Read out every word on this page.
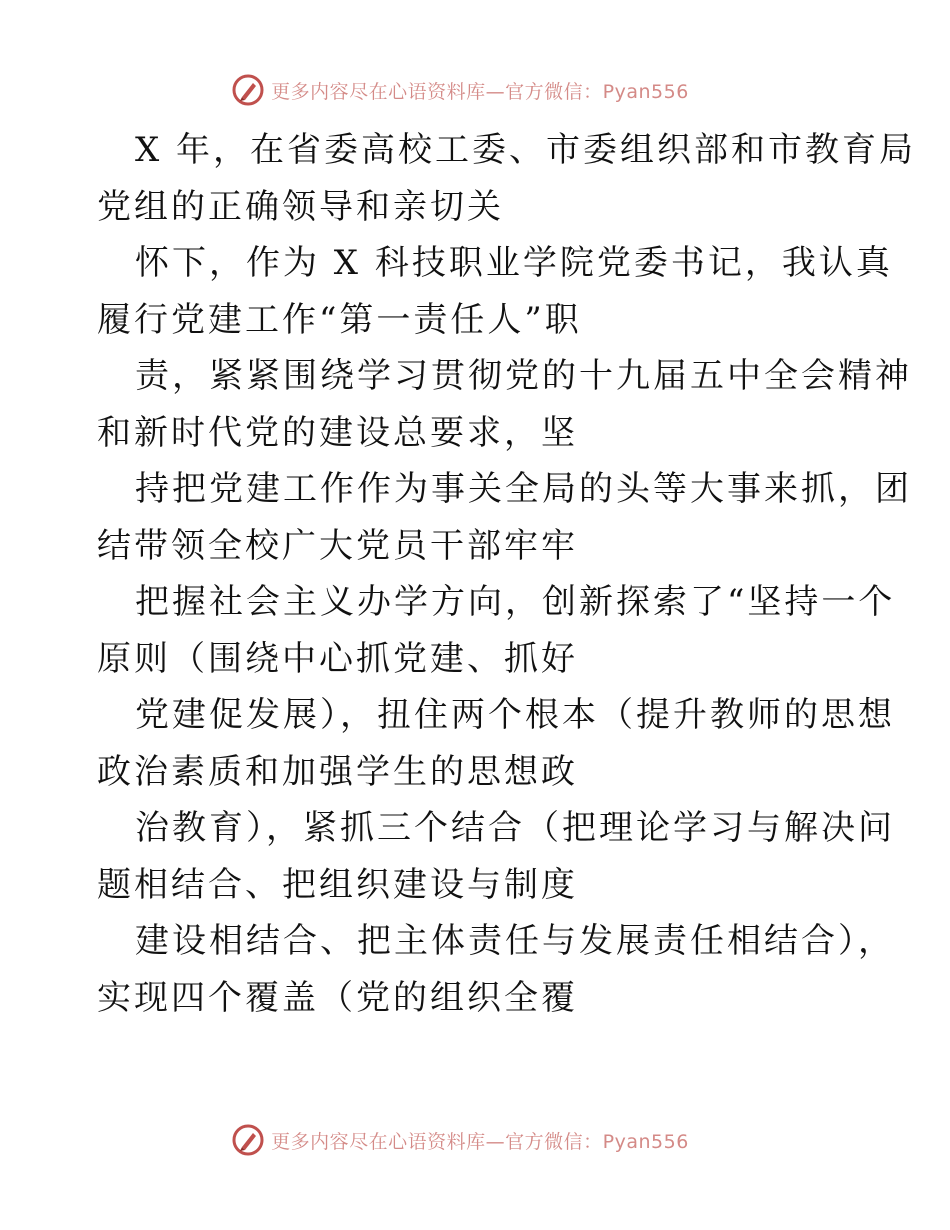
更多内容尽在心语资料库—官方微信：Pyan556
X 年，在省委高校工委、市委组织部和市教育局
党组的正确领导和亲切关
怀下，作为 X 科技职业学院党委书记，我认真
履行党建工作“第一责任人”职
责，紧紧围绕学习贯彻党的十九届五中全会精神
和新时代党的建设总要求，坚
持把党建工作作为事关全局的头等大事来抓，团
结带领全校广大党员干部牢牢
把握社会主义办学方向，创新探索了“坚持一个
原则（围绕中心抓党建、抓好
党建促发展），扭住两个根本（提升教师的思想
政治素质和加强学生的思想政
治教育），紧抓三个结合（把理论学习与解决问
题相结合、把组织建设与制度
建设相结合、把主体责任与发展责任相结合），
实现四个覆盖（党的组织全覆
更多内容尽在心语资料库—官方微信：Pyan556
